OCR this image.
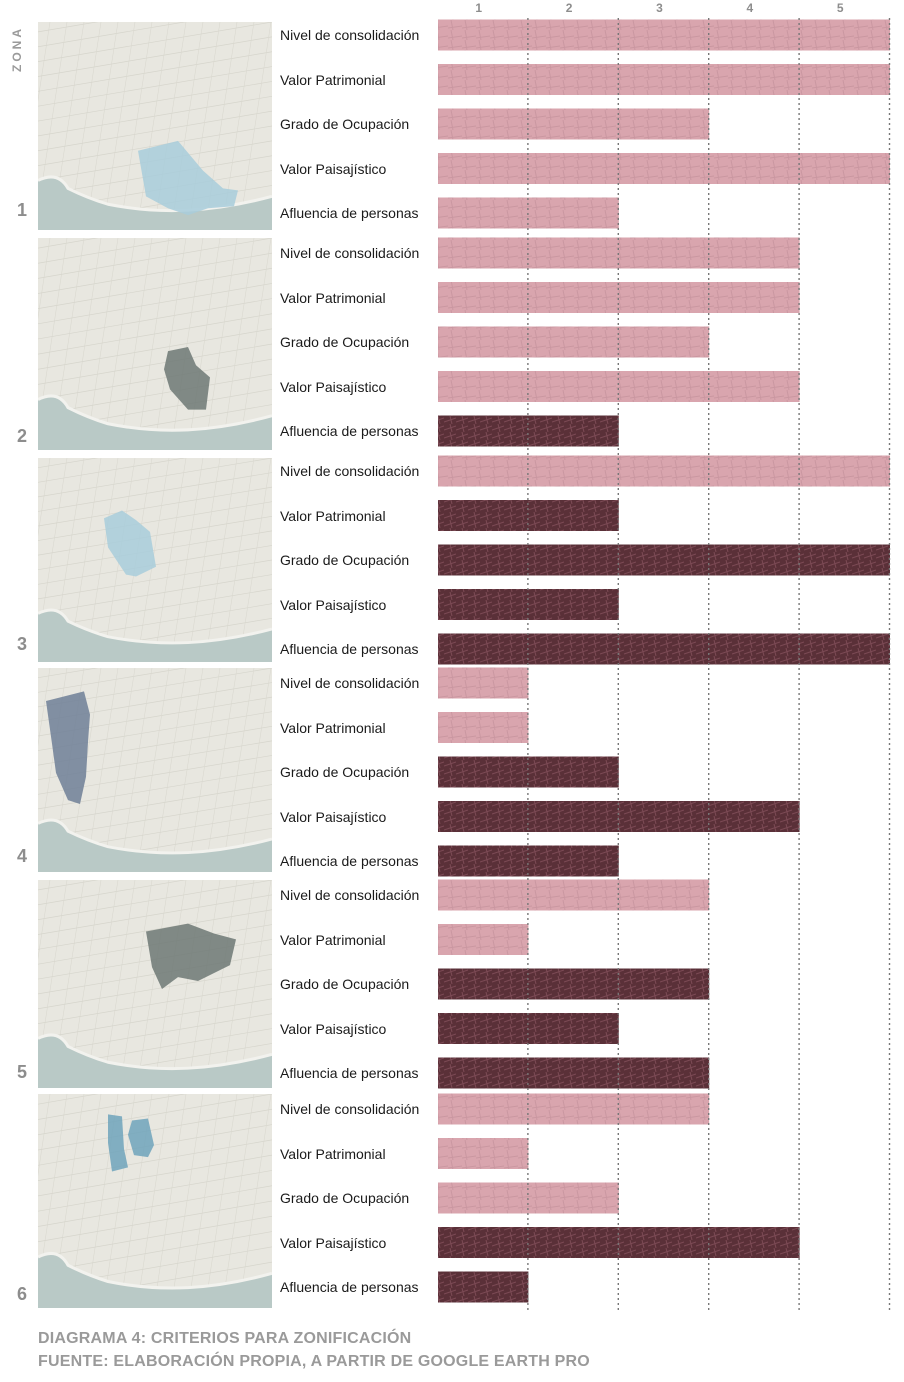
ZONA	Nivel de consolidación
Valor Patrimonial
Grado de Ocupación
Valor Paisajístico
Afluencia de personas
Nivel de consolidación
Valor Patrimonial
Grado de Ocupación
Valor Paisajístico
Afluencia de personas
Nivel de consolidación
Valor Patrimonial
Grado de Ocupación
Valor Paisajístico
Afluencia de personas
Nivel de consolidación
Valor Patrimonial
Grado de Ocupación
Valor Paisajístico
Afluencia de personas
Nivel de consolidación
Valor Patrimonial
Grado de Ocupación
Valor Paisajístico
Afluencia de personas
Nivel de consolidación
Valor Patrimonial
Grado de Ocupación
Valor Paisajístico
Afluencia de personas
1	2	3	4	5
DIAGRAMA 4: CRITERIOS PARA ZONIFICACIÓN
FUENTE: ELABORACIÓN PROPIA, A PARTIR DE GOOGLE EARTH PRO
1
2
3
4
5
6
